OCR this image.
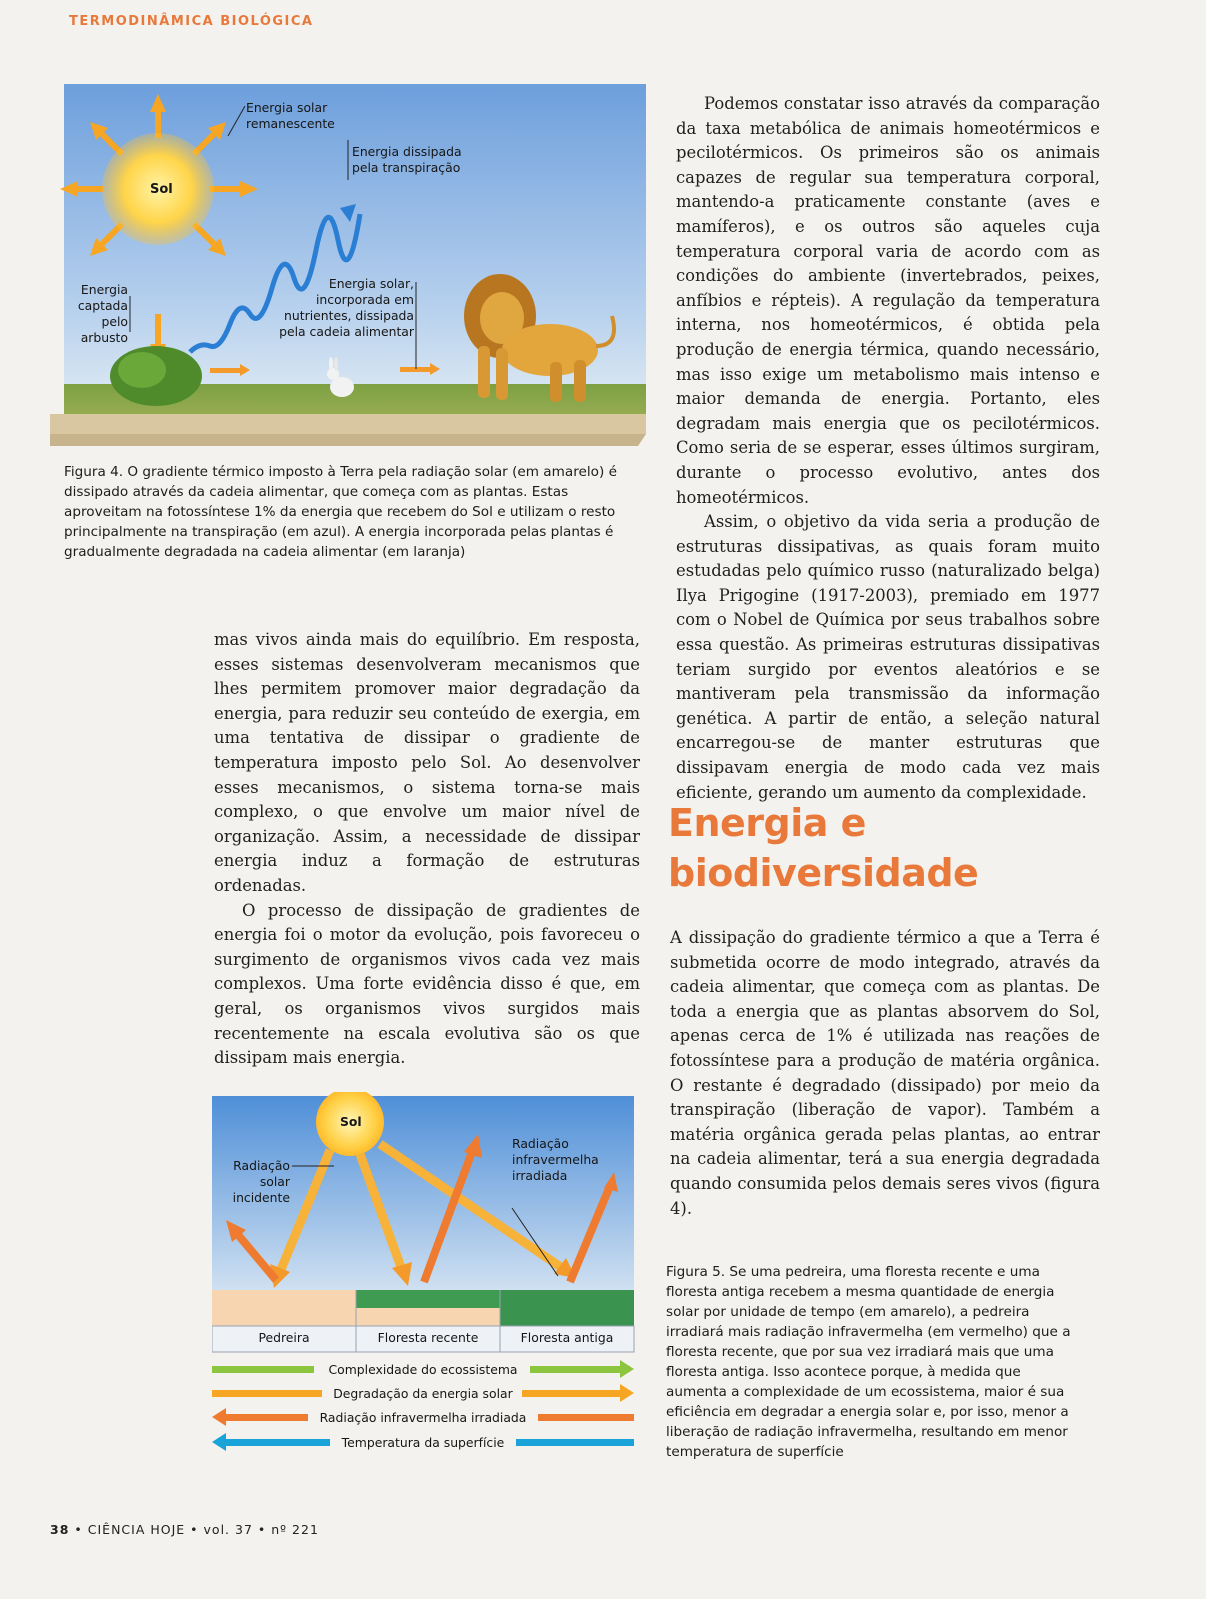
TERMODINÂMICA BIOLÓGICA
Sol
Energia solar
remanescente
Energia dissipada
pela transpiração
Energia
captada
pelo
arbusto
Energia solar,
incorporada em
nutrientes, dissipada
pela cadeia alimentar

Figura 4. O gradiente térmico imposto à Terra pela radiação solar (em amarelo) é dissipado através da cadeia alimentar, que começa com as plantas. Estas aproveitam na fotossíntese 1% da energia que recebem do Sol e utilizam o resto principalmente na transpiração (em azul). A energia incorporada pelas plantas é gradualmente degradada na cadeia alimentar (em laranja)

mas vivos ainda mais do equilíbrio. Em resposta, esses sistemas desenvolveram mecanismos que lhes permitem promover maior degradação da energia, para reduzir seu conteúdo de exergia, em uma tentativa de dissipar o gradiente de temperatura imposto pelo Sol. Ao desenvolver esses mecanismos, o sistema torna-se mais complexo, o que envolve um maior nível de organização. Assim, a necessidade de dissipar energia induz a formação de estruturas ordenadas.

O processo de dissipação de gradientes de energia foi o motor da evolução, pois favoreceu o surgimento de organismos vivos cada vez mais complexos. Uma forte evidência disso é que, em geral, os organismos vivos surgidos mais recentemente na escala evolutiva são os que dissipam mais energia.

Podemos constatar isso através da comparação da taxa metabólica de animais homeotérmicos e pecilotérmicos. Os primeiros são os animais capazes de regular sua temperatura corporal, mantendo-a praticamente constante (aves e mamíferos), e os outros são aqueles cuja temperatura corporal varia de acordo com as condições do ambiente (invertebrados, peixes, anfíbios e répteis). A regulação da temperatura interna, nos homeotérmicos, é obtida pela produção de energia térmica, quando necessário, mas isso exige um metabolismo mais intenso e maior demanda de energia. Portanto, eles degradam mais energia que os pecilotérmicos. Como seria de se esperar, esses últimos surgiram, durante o processo evolutivo, antes dos homeotérmicos.

Assim, o objetivo da vida seria a produção de estruturas dissipativas, as quais foram muito estudadas pelo químico russo (naturalizado belga) Ilya Prigogine (1917-2003), premiado em 1977 com o Nobel de Química por seus trabalhos sobre essa questão. As primeiras estruturas dissipativas teriam surgido por eventos aleatórios e se mantiveram pela transmissão da informação genética. A partir de então, a seleção natural encarregou-se de manter estruturas que dissipavam energia de modo cada vez mais eficiente, gerando um aumento da complexidade.

Energia e
biodiversidade

A dissipação do gradiente térmico a que a Terra é submetida ocorre de modo integrado, através da cadeia alimentar, que começa com as plantas. De toda a energia que as plantas absorvem do Sol, apenas cerca de 1% é utilizada nas reações de fotossíntese para a produção de matéria orgânica. O restante é degradado (dissipado) por meio da transpiração (liberação de vapor). Também a matéria orgânica gerada pelas plantas, ao entrar na cadeia alimentar, terá a sua energia degradada quando consumida pelos demais seres vivos (figura 4).

Sol
Radiação
solar
incidente
Radiação
infravermelha
irradiada
Pedreira	Floresta recente	Floresta antiga
Complexidade do ecossistema
Degradação da energia solar
Radiação infravermelha irradiada
Temperatura da superfície

Figura 5. Se uma pedreira, uma floresta recente e uma floresta antiga recebem a mesma quantidade de energia solar por unidade de tempo (em amarelo), a pedreira irradiará mais radiação infravermelha (em vermelho) que a floresta recente, que por sua vez irradiará mais que uma floresta antiga. Isso acontece porque, à medida que aumenta a complexidade de um ecossistema, maior é sua eficiência em degradar a energia solar e, por isso, menor a liberação de radiação infravermelha, resultando em menor temperatura de superfície

38 • CIÊNCIA HOJE • vol. 37 • nº 221
